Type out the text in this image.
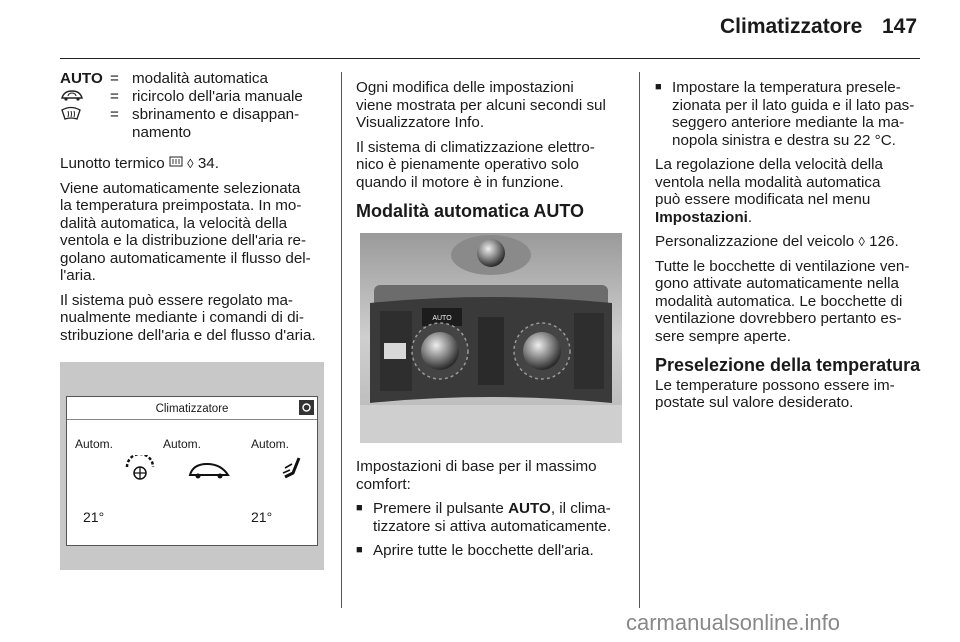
Climatizzatore 147
AUTO = modalità automatica
= ricircolo dell'aria manuale
= sbrinamento e disappan-
namento

Lunotto termico ◊ 34.

Viene automaticamente selezionata
la temperatura preimpostata. In mo-
dalità automatica, la velocità della
ventola e la distribuzione dell'aria re-
golano automaticamente il flusso del-
l'aria.

Il sistema può essere regolato ma-
nualmente mediante i comandi di di-
stribuzione dell'aria e del flusso d'aria.

Climatizzatore
Autom.	Autom.	Autom.
21°	21°

Ogni modifica delle impostazioni
viene mostrata per alcuni secondi sul
Visualizzatore Info.

Il sistema di climatizzazione elettro-
nico è pienamente operativo solo
quando il motore è in funzione.

Modalità automatica AUTO
AUTO

Impostazioni di base per il massimo
comfort:

■ Premere il pulsante AUTO, il clima-
tizzatore si attiva automaticamente.
■ Aprire tutte le bocchette dell'aria.
■ Impostare la temperatura presele-
zionata per il lato guida e il lato pas-
seggero anteriore mediante la ma-
nopola sinistra e destra su 22 °C.

La regolazione della velocità della
ventola nella modalità automatica
può essere modificata nel menu
Impostazioni.

Personalizzazione del veicolo ◊ 126.

Tutte le bocchette di ventilazione ven-
gono attivate automaticamente nella
modalità automatica. Le bocchette di
ventilazione dovrebbero pertanto es-
sere sempre aperte.

Preselezione della temperatura

Le temperature possono essere im-
postate sul valore desiderato.

carmanualsonline.info
